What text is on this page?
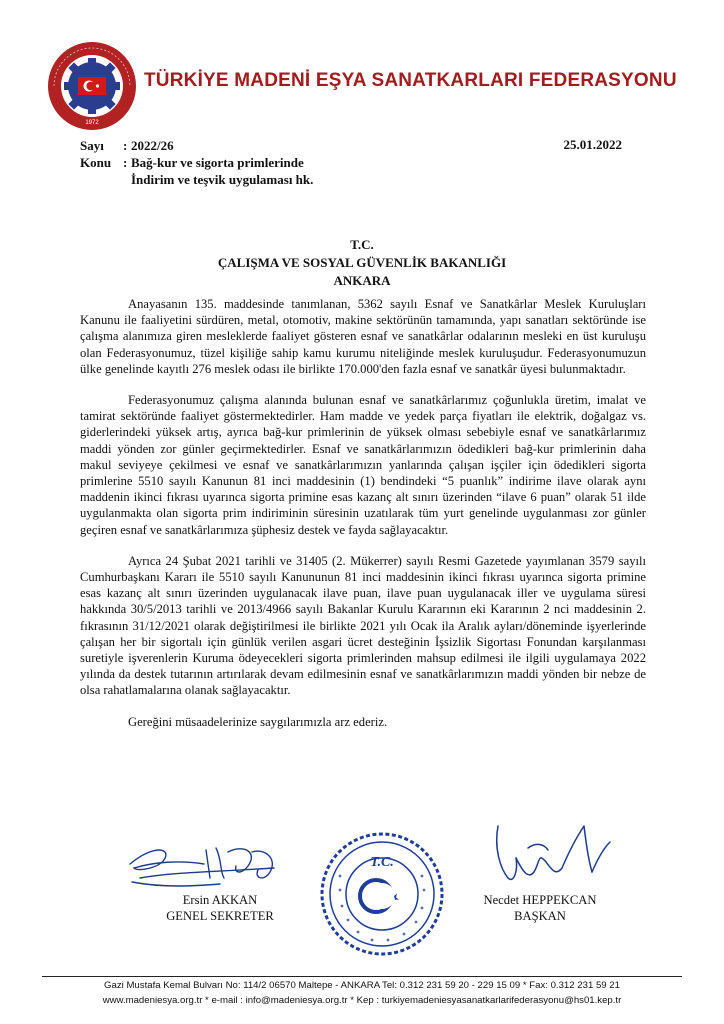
1972
TÜRKİYE MADENİ EŞYA SANATKARLARI FEDERASYONU
Sayı : 2022/26
Konu : Bağ-kur ve sigorta primlerinde
İndirim ve teşvik uygulaması hk.
25.01.2022
T.C.
ÇALIŞMA VE SOSYAL GÜVENLİK BAKANLIĞI
ANKARA

Anayasanın 135. maddesinde tanımlanan, 5362 sayılı Esnaf ve Sanatkârlar Meslek Kuruluşları Kanunu ile faaliyetini sürdüren, metal, otomotiv, makine sektörünün tamamında, yapı sanatları sektöründe ise çalışma alanımıza giren mesleklerde faaliyet gösteren esnaf ve sanatkârlar odalarının mesleki en üst kuruluşu olan Federasyonumuz, tüzel kişiliğe sahip kamu kurumu niteliğinde meslek kuruluşudur. Federasyonumuzun ülke genelinde kayıtlı 276 meslek odası ile birlikte 170.000'den fazla esnaf ve sanatkâr üyesi bulunmaktadır.

Federasyonumuz çalışma alanında bulunan esnaf ve sanatkârlarımız çoğunlukla üretim, imalat ve tamirat sektöründe faaliyet göstermektedirler. Ham madde ve yedek parça fiyatları ile elektrik, doğalgaz vs. giderlerindeki yüksek artış, ayrıca bağ-kur primlerinin de yüksek olması sebebiyle esnaf ve sanatkârlarımız maddi yönden zor günler geçirmektedirler. Esnaf ve sanatkârlarımızın ödedikleri bağ-kur primlerinin daha makul seviyeye çekilmesi ve esnaf ve sanatkârlarımızın yanlarında çalışan işçiler için ödedikleri sigorta primlerine 5510 sayılı Kanunun 81 inci maddesinin (1) bendindeki “5 puanlık” indirime ilave olarak aynı maddenin ikinci fıkrası uyarınca sigorta primine esas kazanç alt sınırı üzerinden “ilave 6 puan” olarak 51 ilde uygulanmakta olan sigorta prim indiriminin süresinin uzatılarak tüm yurt genelinde uygulanması zor günler geçiren esnaf ve sanatkârlarımıza şüphesiz destek ve fayda sağlayacaktır.

Ayrıca 24 Şubat 2021 tarihli ve 31405 (2. Mükerrer) sayılı Resmi Gazetede yayımlanan 3579 sayılı Cumhurbaşkanı Kararı ile 5510 sayılı Kanununun 81 inci maddesinin ikinci fıkrası uyarınca sigorta primine esas kazanç alt sınırı üzerinden uygulanacak ilave puan, ilave puan uygulanacak iller ve uygulama süresi hakkında 30/5/2013 tarihli ve 2013/4966 sayılı Bakanlar Kurulu Kararının eki Kararının 2 nci maddesinin 2. fıkrasının 31/12/2021 olarak değiştirilmesi ile birlikte 2021 yılı Ocak ila Aralık ayları/döneminde işyerlerinde çalışan her bir sigortalı için günlük verilen asgari ücret desteğinin İşsizlik Sigortası Fonundan karşılanması suretiyle işverenlerin Kuruma ödeyecekleri sigorta primlerinden mahsup edilmesi ile ilgili uygulamaya 2022 yılında da destek tutarının artırılarak devam edilmesinin esnaf ve sanatkârlarımızın maddi yönden bir nebze de olsa rahatlamalarına olanak sağlayacaktır.

Gereğini müsaadelerinize saygılarımızla arz ederiz.

T.C.
Ersin AKKAN
GENEL SEKRETER
Necdet HEPPEKCAN
BAŞKAN
Gazi Mustafa Kemal Bulvarı No: 114/2 06570 Maltepe - ANKARA Tel: 0.312 231 59 20 - 229 15 09 * Fax: 0.312 231 59 21
www.madeniesya.org.tr * e-mail : info@madeniesya.org.tr * Kep : turkiyemadeniesyasanatkarlarifederasyonu@hs01.kep.tr
